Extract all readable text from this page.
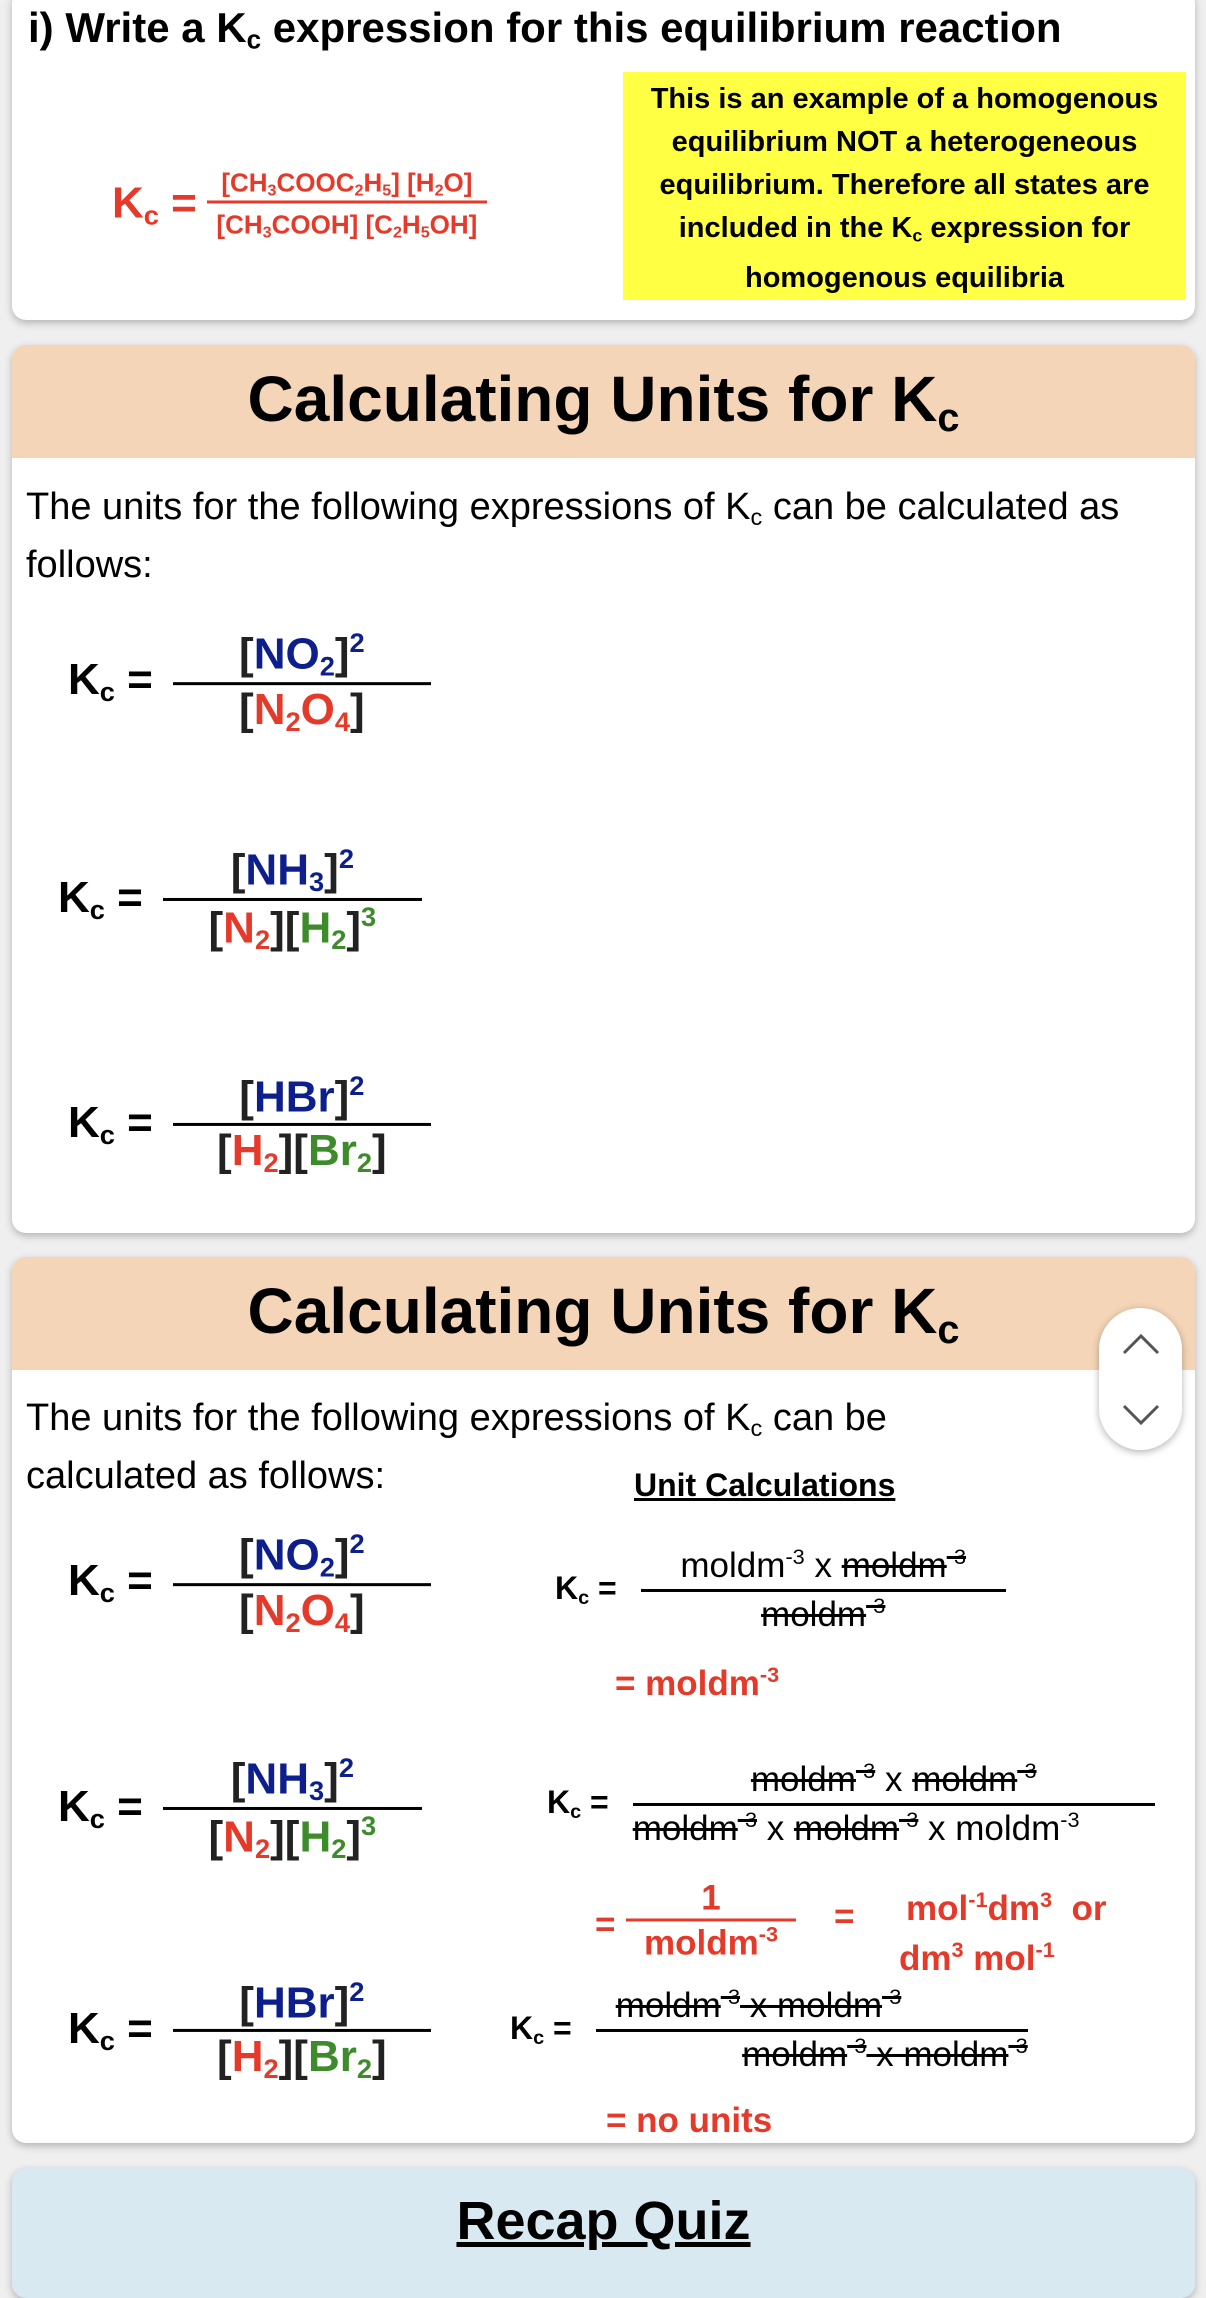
i) Write a $K_c$ expression for this equilibrium reaction
$K_c = \frac{[CH_3COOC_2H_5] [H_2O]}{[CH_3COOH] [C_2H_5OH]}$
This is an example of a homogenous equilibrium NOT a heterogeneous equilibrium. Therefore all states are included in the $K_c$ expression for homogenous equilibria
Calculating Units for $K_c$
The units for the following expressions of $K_c$ can be calculated as follows:
$K_c = \frac{[NO_2]^2}{[N_2O_4]}$
$K_c = \frac{[NH_3]^2}{[N_2][H_2]^3}$
$K_c = \frac{[HBr]^2}{[H_2][Br_2]}$
Calculating Units for $K_c$
The units for the following expressions of $K_c$ can be calculated as follows:	Unit Calculations
$K_c = \frac{[NO_2]^2}{[N_2O_4]}$
$K_c = \frac{[NH_3]^2}{[N_2][H_2]^3}$
$K_c = \frac{[HBr]^2}{[H_2][Br_2]}$
$K_c = \frac{moldm^{-3} x moldm^{-3}}{moldm^{-3}}$
= moldm$^{-3}$
$K_c = \frac{moldm^{-3} x moldm^{-3}}{moldm^{-3} x moldm^{-3} x moldm^{-3}}$
= $\frac{1}{moldm^{-3}} = mol^{-1}dm^3$  or
$dm^3$ mol$^{-1}$
$K_c = \frac{moldm^{-3} x moldm^{-3}}{moldm^{-3} x moldm^{-3}}$
= no units
Recap Quiz
